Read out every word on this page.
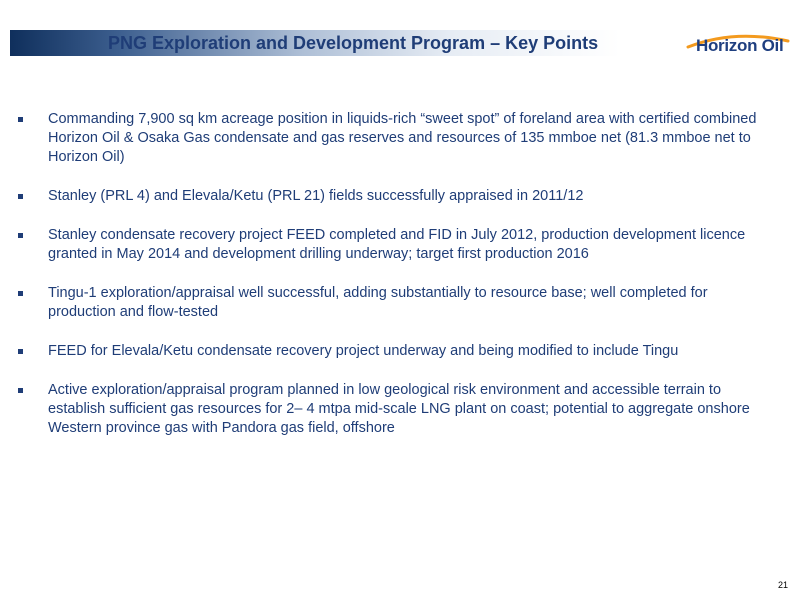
PNG Exploration and Development Program – Key Points	Horizon Oil
Commanding 7,900 sq km acreage position in liquids-rich “sweet spot” of foreland area with certified combined Horizon Oil & Osaka Gas condensate and gas reserves and resources of 135 mmboe net (81.3 mmboe net to Horizon Oil)
Stanley (PRL 4) and Elevala/Ketu (PRL 21) fields successfully appraised in 2011/12
Stanley condensate recovery project FEED completed and FID in July 2012, production development licence granted in May 2014 and development drilling underway; target first production 2016
Tingu-1 exploration/appraisal well successful, adding substantially to resource base; well completed for production and flow-tested
FEED for Elevala/Ketu condensate recovery project underway and being modified to include Tingu
Active exploration/appraisal program planned in low geological risk environment and accessible terrain to establish sufficient gas resources for 2– 4 mtpa mid-scale LNG plant on coast; potential to aggregate onshore Western province gas with Pandora gas field, offshore
21
